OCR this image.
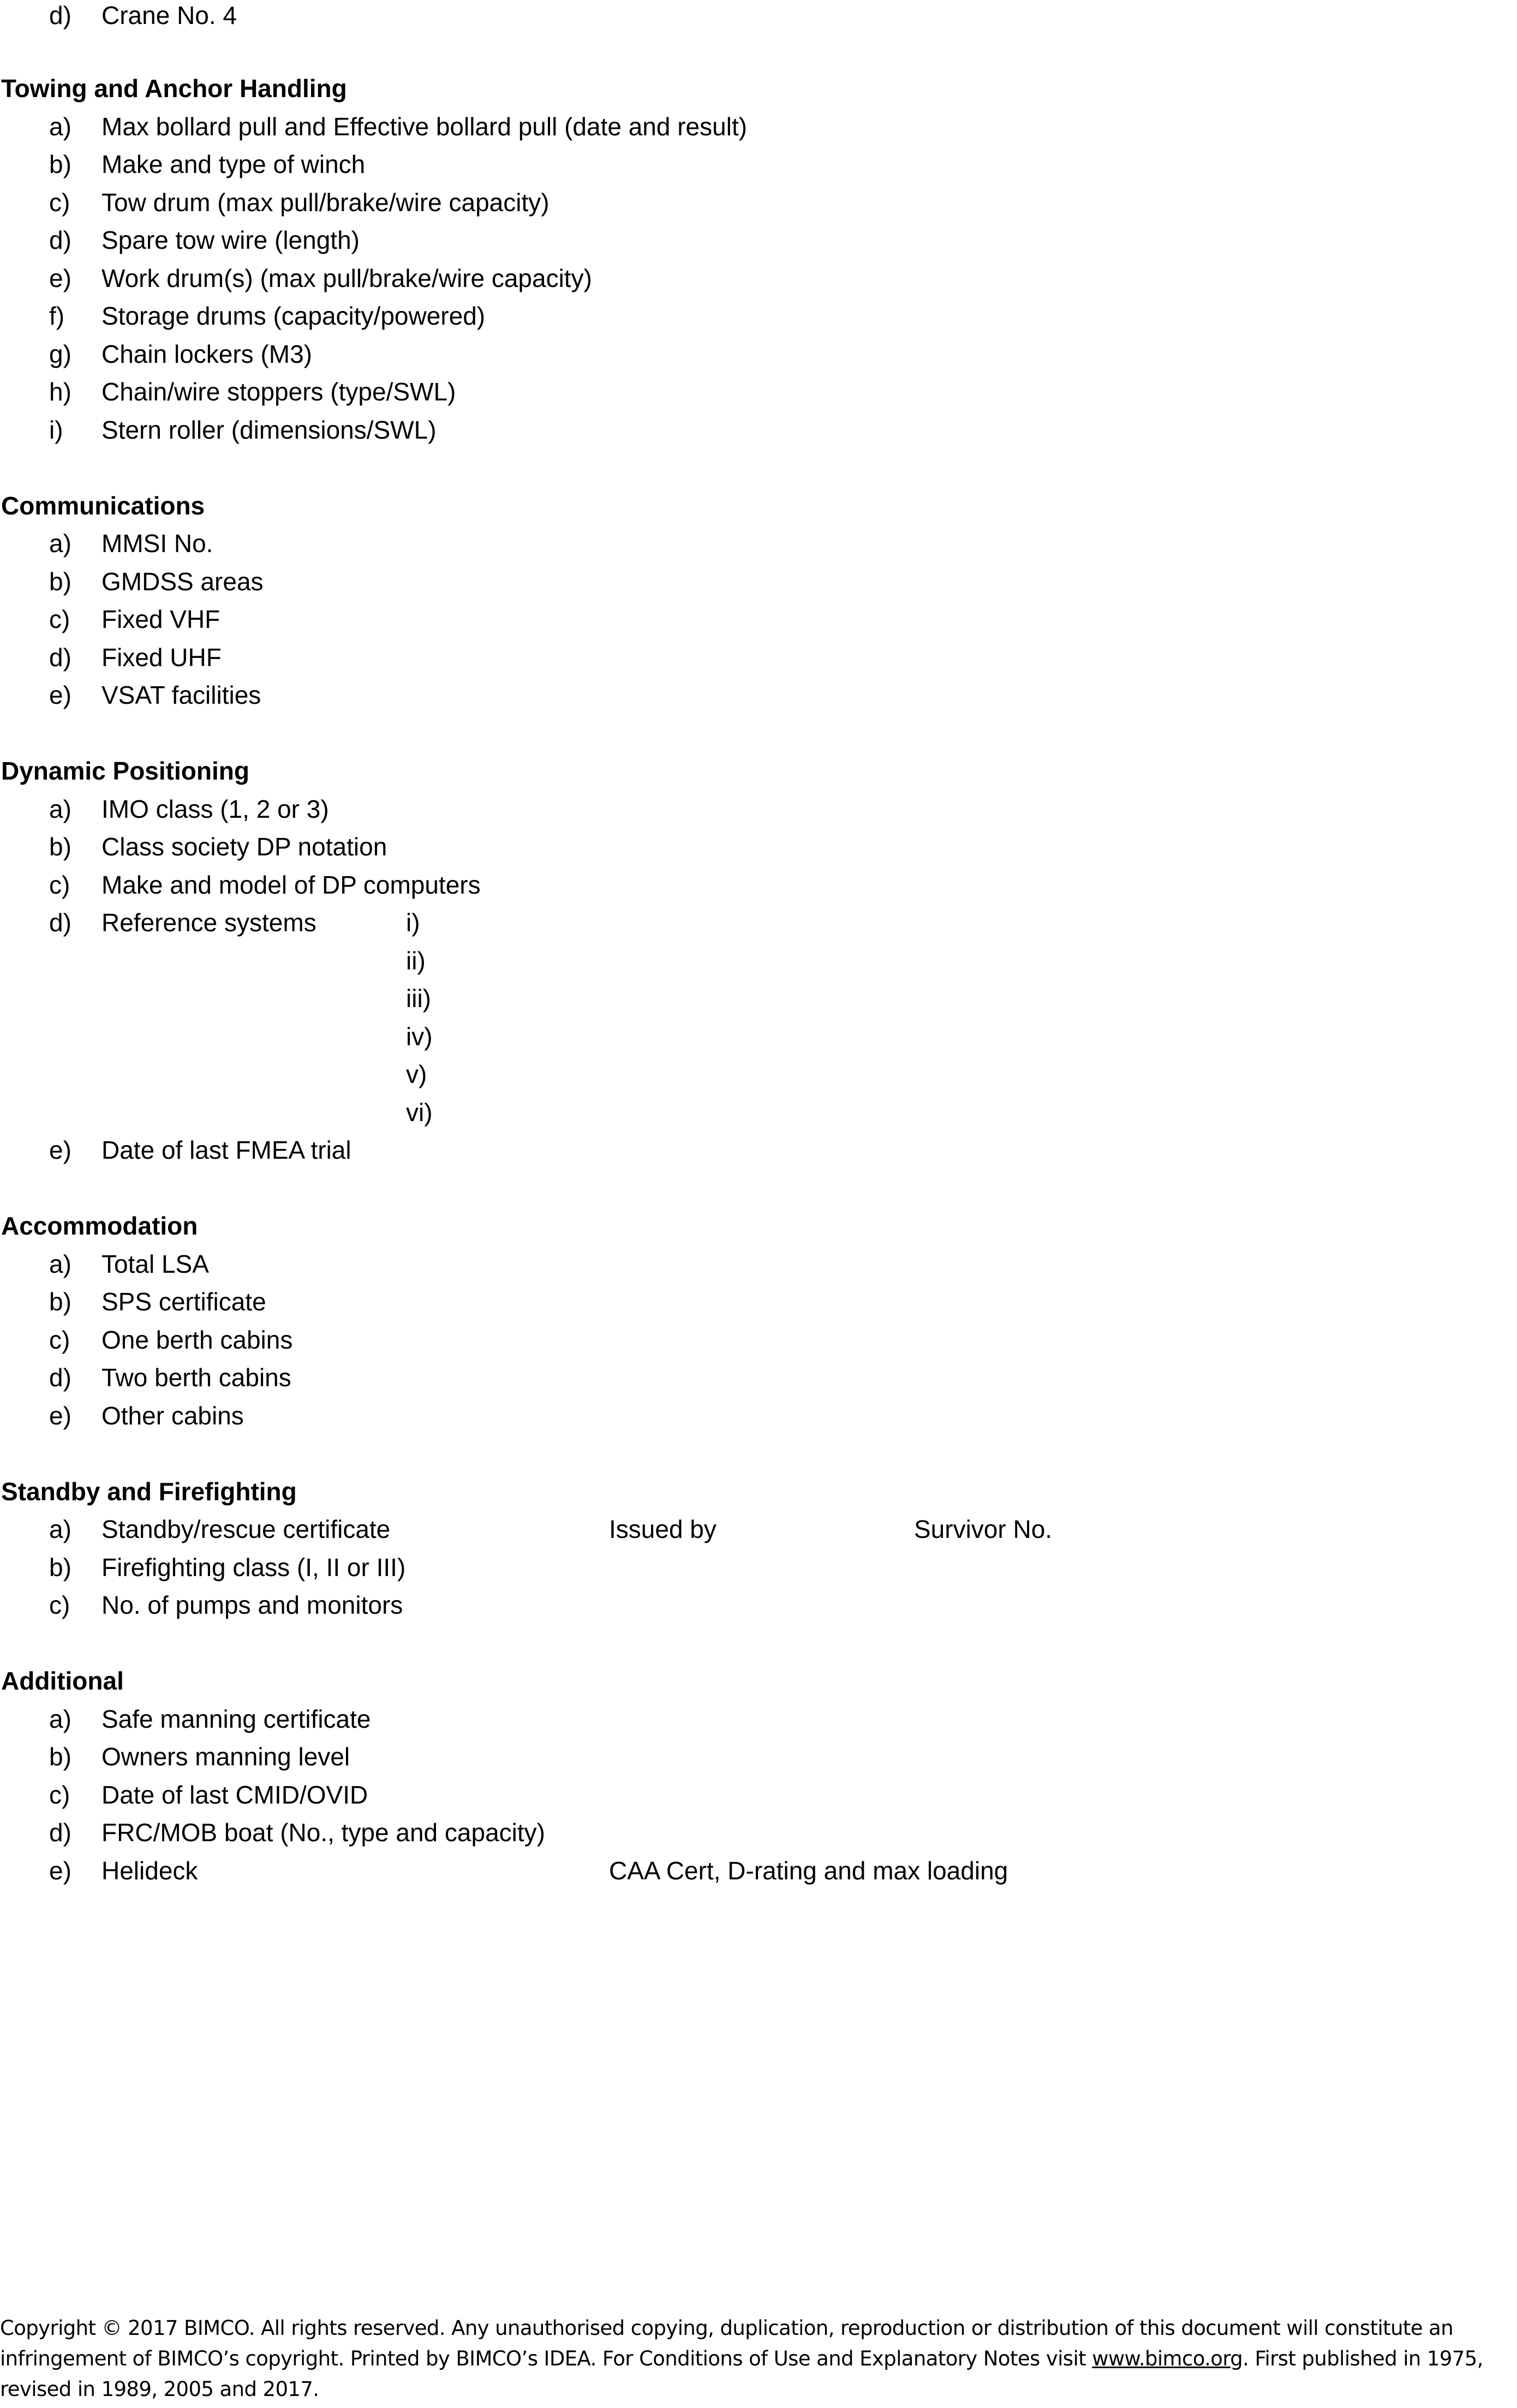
d) Crane No. 4
Towing and Anchor Handling
a) Max bollard pull and Effective bollard pull (date and result)
b) Make and type of winch
c) Tow drum (max pull/brake/wire capacity)
d) Spare tow wire (length)
e) Work drum(s) (max pull/brake/wire capacity)
f) Storage drums (capacity/powered)
g) Chain lockers (M3)
h) Chain/wire stoppers (type/SWL)
i) Stern roller (dimensions/SWL)
Communications
a) MMSI No.
b) GMDSS areas
c) Fixed VHF
d) Fixed UHF
e) VSAT facilities
Dynamic Positioning
a) IMO class (1, 2 or 3)
b) Class society DP notation
c) Make and model of DP computers
d) Reference systems	i)
ii)
iii)
iv)
v)
vi)
e) Date of last FMEA trial
Accommodation
a) Total LSA
b) SPS certificate
c) One berth cabins
d) Two berth cabins
e) Other cabins
Standby and Firefighting
a) Standby/rescue certificate	Issued by	Survivor No.
b) Firefighting class (I, II or III)
c) No. of pumps and monitors
Additional
a) Safe manning certificate
b) Owners manning level
c) Date of last CMID/OVID
d) FRC/MOB boat (No., type and capacity)
e) Helideck	CAA Cert, D-rating and max loading
Copyright © 2017 BIMCO. All rights reserved. Any unauthorised copying, duplication, reproduction or distribution of this document will constitute an infringement of BIMCO’s copyright. Printed by BIMCO’s IDEA. For Conditions of Use and Explanatory Notes visit www.bimco.org. First published in 1975, revised in 1989, 2005 and 2017.
